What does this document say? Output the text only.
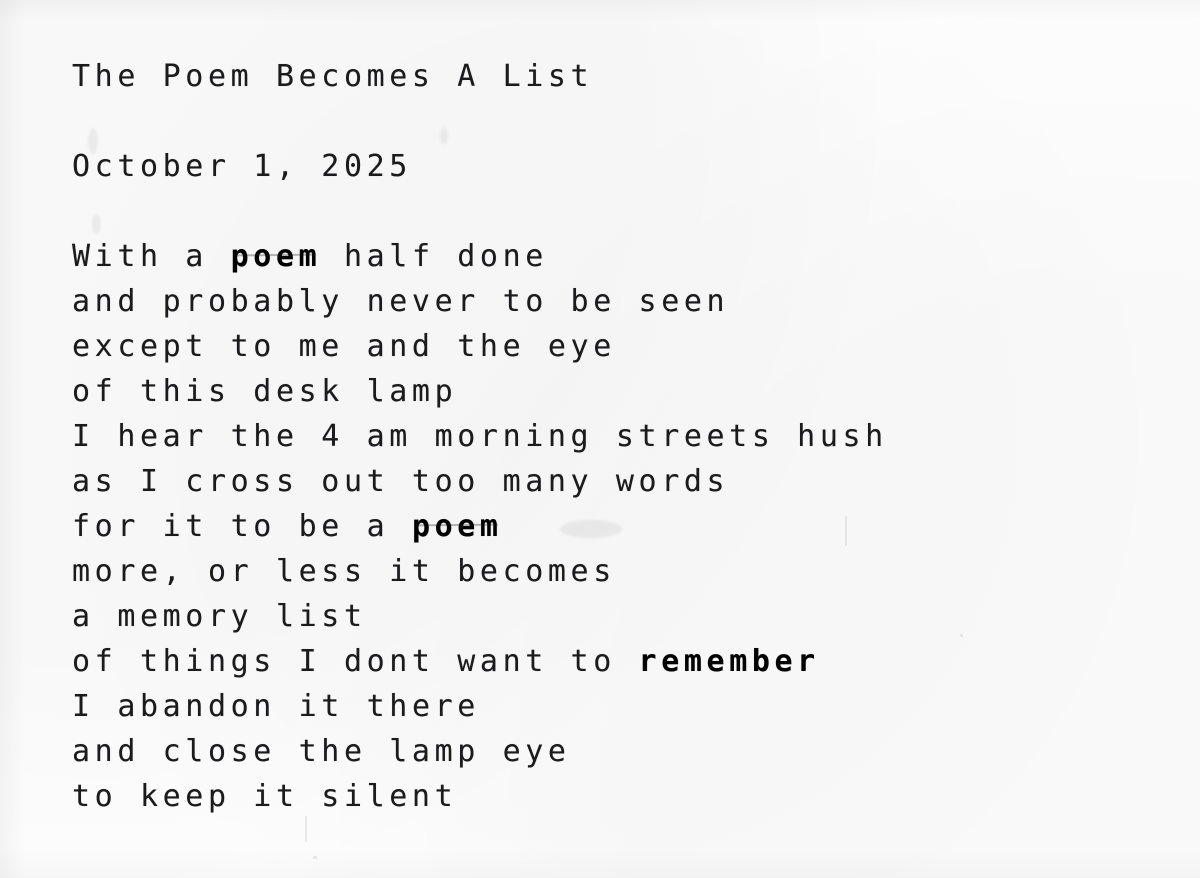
The Poem Becomes A List
October 1, 2025
With a poem half done
and probably never to be seen
except to me and the eye
of this desk lamp
I hear the 4 am morning streets hush
as I cross out too many words
for it to be a poem
more, or less it becomes
a memory list
of things I dont want to remember
I abandon it there
and close the lamp eye
to keep it silent
